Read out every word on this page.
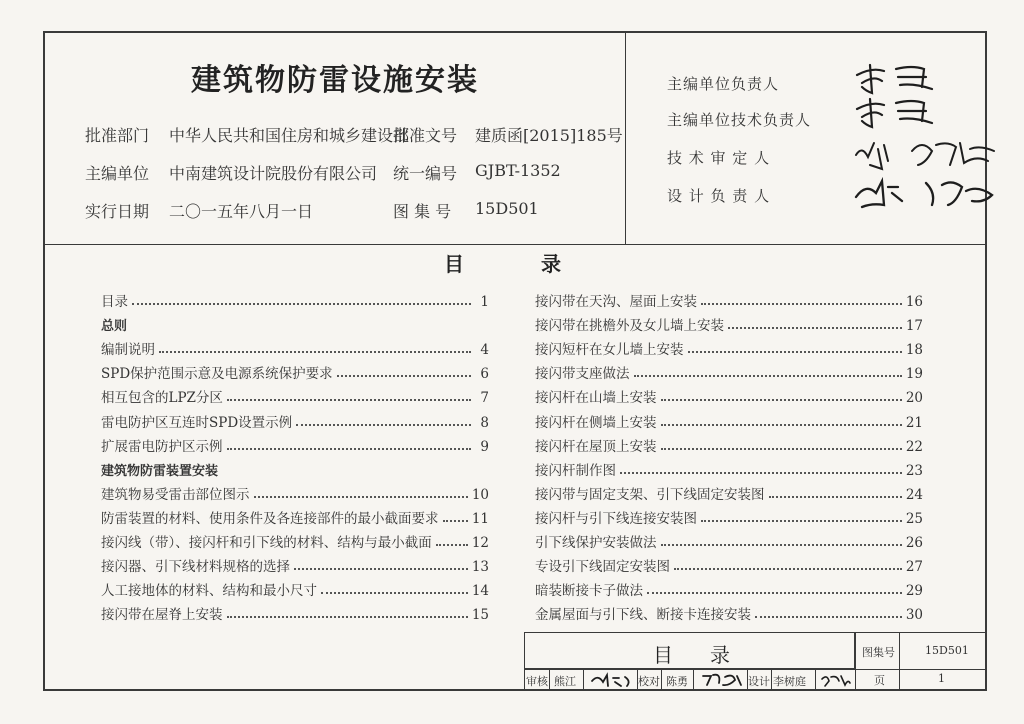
建筑物防雷设施安装
批准部门 中华人民共和国住房和城乡建设部
批准文号 建质函[2015]185号
主编单位 中南建筑设计院股份有限公司 统一编号 GJBT-1352
实行日期 二〇一五年八月一日	图 集 号 15D501
主编单位负责人
主编单位技术负责人
技 术 审 定 人
设 计 负 责 人
目	录
目录	1
总则
编制说明	4
SPD保护范围示意及电源系统保护要求	6
相互包含的LPZ分区	7
雷电防护区互连时SPD设置示例	8
扩展雷电防护区示例	9
建筑物防雷装置安装
建筑物易受雷击部位图示	10
防雷装置的材料、使用条件及各连接部件的最小截面要求 11
接闪线（带）、接闪杆和引下线的材料、结构与最小截面	12
接闪器、引下线材料规格的选择	13
人工接地体的材料、结构和最小尺寸	14
接闪带在屋脊上安装	15
接闪带在天沟、屋面上安装	16
接闪带在挑檐外及女儿墙上安装	17
接闪短杆在女儿墙上安装	18
接闪带支座做法	19
接闪杆在山墙上安装	20
接闪杆在侧墙上安装	21
接闪杆在屋顶上安装	22
接闪杆制作图	23
接闪带与固定支架、引下线固定安装图	24
接闪杆与引下线连接安装图	25
引下线保护安装做法	26
专设引下线固定安装图	27
暗装断接卡子做法	29
金属屋面与引下线、断接卡连接安装	30
目 录	图集号	15D501
页	1
审核 熊江	校对 陈勇	设计 李树庭
